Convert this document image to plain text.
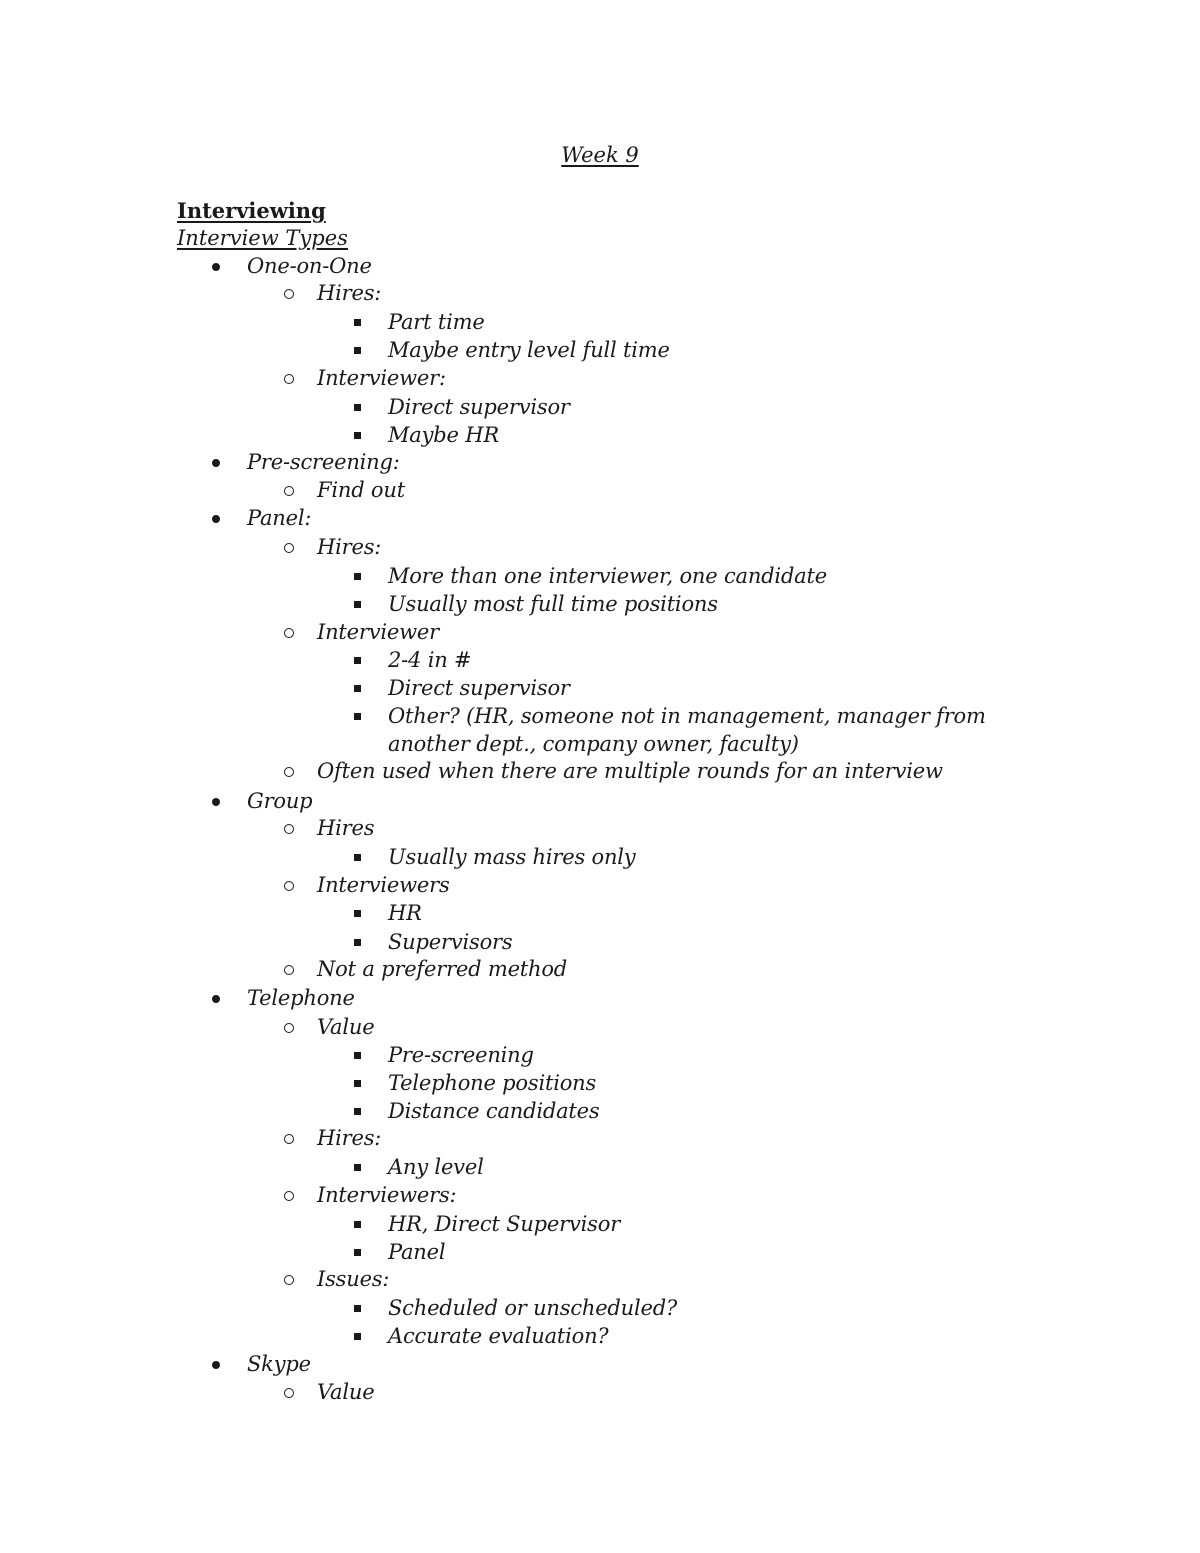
Week 9
Interviewing
Interview Types
One-on-One
Hires:
Part time
Maybe entry level full time
Interviewer:
Direct supervisor
Maybe HR
Pre-screening:
Find out
Panel:
Hires:
More than one interviewer, one candidate
Usually most full time positions
Interviewer
2-4 in #
Direct supervisor
Other? (HR, someone not in management, manager from another dept., company owner, faculty)
Often used when there are multiple rounds for an interview
Group
Hires
Usually mass hires only
Interviewers
HR
Supervisors
Not a preferred method
Telephone
Value
Pre-screening
Telephone positions
Distance candidates
Hires:
Any level
Interviewers:
HR, Direct Supervisor
Panel
Issues:
Scheduled or unscheduled?
Accurate evaluation?
Skype
Value
